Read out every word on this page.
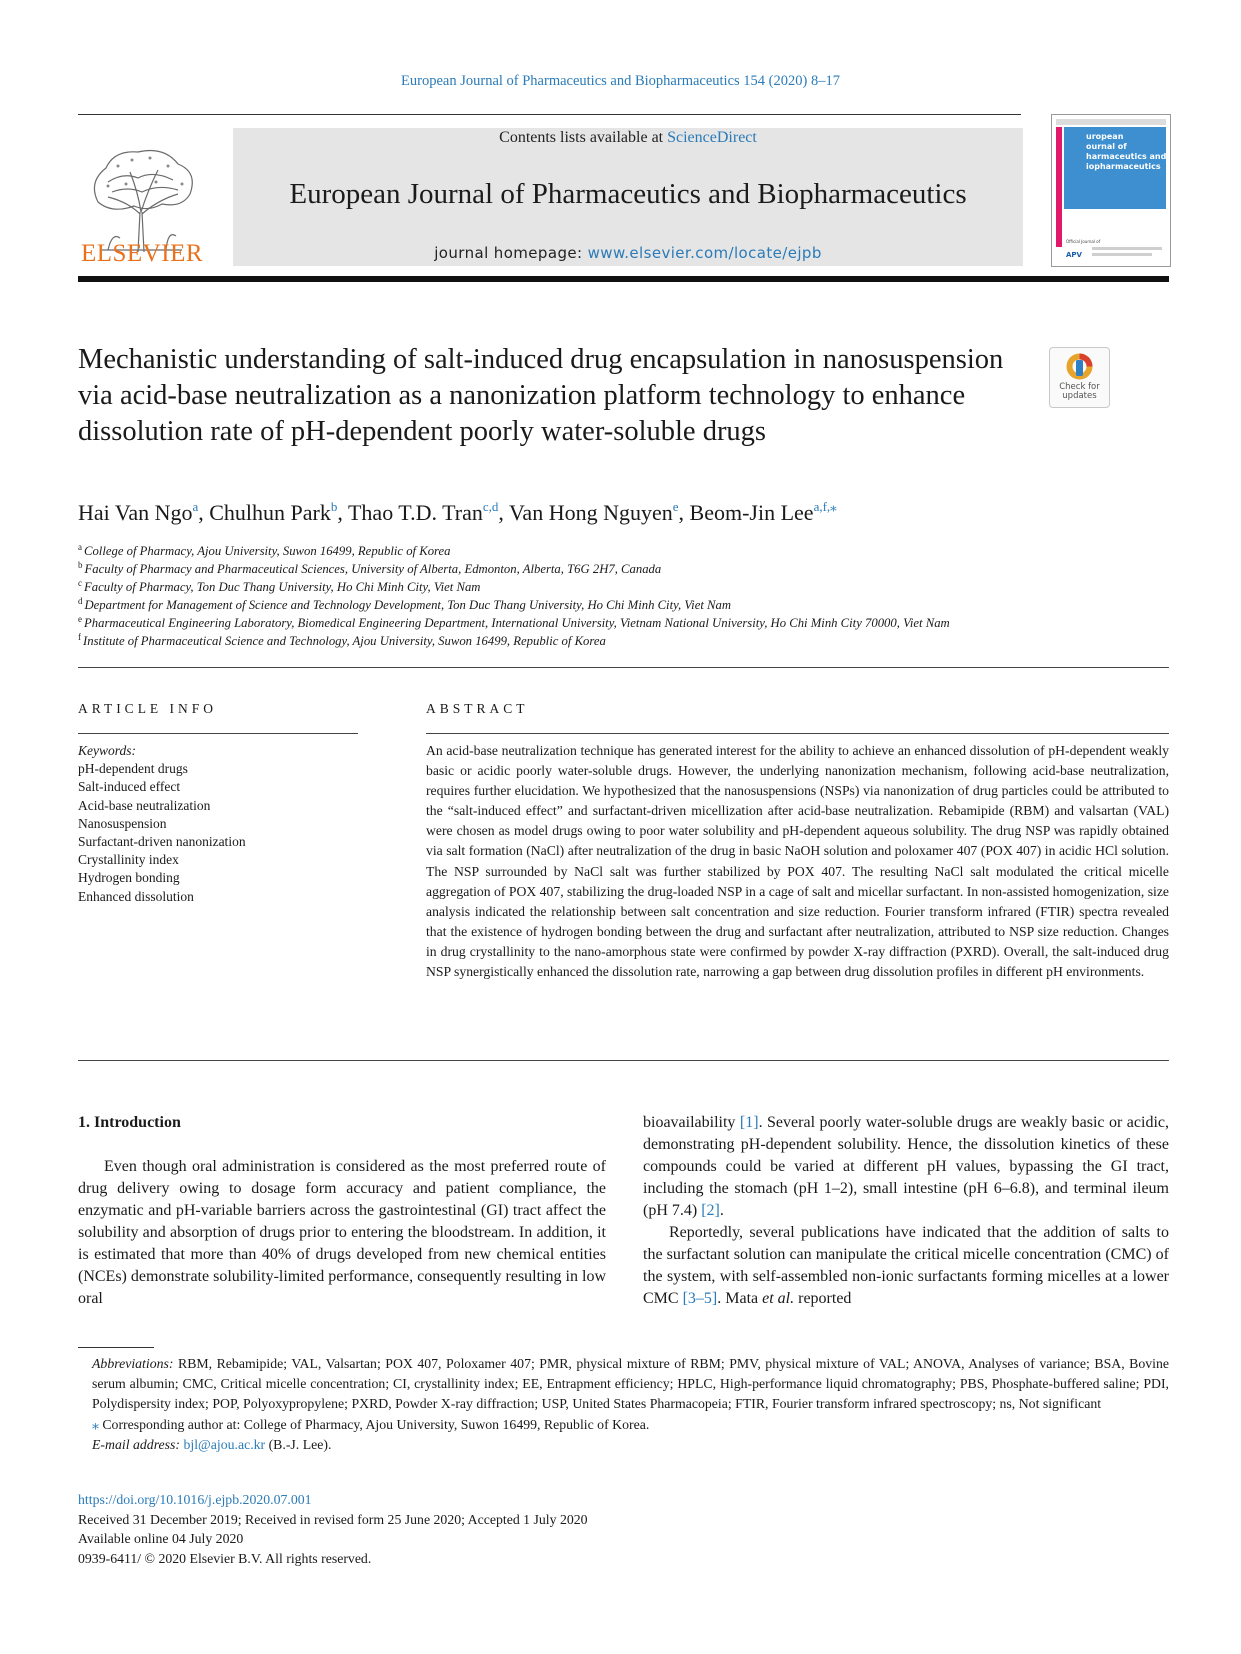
European Journal of Pharmaceutics and Biopharmaceutics 154 (2020) 8–17
ELSEVIER
Contents lists available at ScienceDirect
European Journal of Pharmaceutics and Biopharmaceutics
journal homepage: www.elsevier.com/locate/ejpb
uropean
ournal of
harmaceutics and
iopharmaceutics
Official Journal of
APV
Mechanistic understanding of salt-induced drug encapsulation in nanosuspension via acid-base neutralization as a nanonization platform technology to enhance dissolution rate of pH-dependent poorly water-soluble drugs
Check for
updates
Hai Van Ngo$^a$, Chulhun Park$^b$, Thao T.D. Tran$^{c,d}$, Van Hong Nguyen$^e$, Beom-Jin Lee$^{a,f,⁎}$
$^a$ College of Pharmacy, Ajou University, Suwon 16499, Republic of Korea
$^b$ Faculty of Pharmacy and Pharmaceutical Sciences, University of Alberta, Edmonton, Alberta, T6G 2H7, Canada
$^c$ Faculty of Pharmacy, Ton Duc Thang University, Ho Chi Minh City, Viet Nam
$^d$ Department for Management of Science and Technology Development, Ton Duc Thang University, Ho Chi Minh City, Viet Nam
$^e$ Pharmaceutical Engineering Laboratory, Biomedical Engineering Department, International University, Vietnam National University, Ho Chi Minh City 70000, Viet Nam
$^f$ Institute of Pharmaceutical Science and Technology, Ajou University, Suwon 16499, Republic of Korea
ARTICLE INFO	ABSTRACT
Keywords:
pH-dependent drugs
Salt-induced effect
Acid-base neutralization
Nanosuspension
Surfactant-driven nanonization
Crystallinity index
Hydrogen bonding
Enhanced dissolution
An acid-base neutralization technique has generated interest for the ability to achieve an enhanced dissolution of pH-dependent weakly basic or acidic poorly water-soluble drugs. However, the underlying nanonization mechanism, following acid-base neutralization, requires further elucidation. We hypothesized that the nanosuspensions (NSPs) via nanonization of drug particles could be attributed to the “salt-induced effect” and surfactant-driven micellization after acid-base neutralization. Rebamipide (RBM) and valsartan (VAL) were chosen as model drugs owing to poor water solubility and pH-dependent aqueous solubility. The drug NSP was rapidly obtained via salt formation (NaCl) after neutralization of the drug in basic NaOH solution and poloxamer 407 (POX 407) in acidic HCl solution. The NSP surrounded by NaCl salt was further stabilized by POX 407. The resulting NaCl salt modulated the critical micelle aggregation of POX 407, stabilizing the drug-loaded NSP in a cage of salt and micellar surfactant. In non-assisted homogenization, size analysis indicated the relationship between salt concentration and size reduction. Fourier transform infrared (FTIR) spectra revealed that the existence of hydrogen bonding between the drug and surfactant after neutralization, attributed to NSP size reduction. Changes in drug crystallinity to the nano-amorphous state were confirmed by powder X-ray diffraction (PXRD). Overall, the salt-induced drug NSP synergistically enhanced the dissolution rate, narrowing a gap between drug dissolution profiles in different pH environments.
1. Introduction

Even though oral administration is considered as the most preferred route of drug delivery owing to dosage form accuracy and patient compliance, the enzymatic and pH-variable barriers across the gastrointestinal (GI) tract affect the solubility and absorption of drugs prior to entering the bloodstream. In addition, it is estimated that more than 40% of drugs developed from new chemical entities (NCEs) demonstrate solubility-limited performance, consequently resulting in low oral

bioavailability [1]. Several poorly water-soluble drugs are weakly basic or acidic, demonstrating pH-dependent solubility. Hence, the dissolution kinetics of these compounds could be varied at different pH values, bypassing the GI tract, including the stomach (pH 1–2), small intestine (pH 6–6.8), and terminal ileum (pH 7.4) [2].

Reportedly, several publications have indicated that the addition of salts to the surfactant solution can manipulate the critical micelle concentration (CMC) of the system, with self-assembled non-ionic surfactants forming micelles at a lower CMC [3–5]. Mata et al. reported

Abbreviations: RBM, Rebamipide; VAL, Valsartan; POX 407, Poloxamer 407; PMR, physical mixture of RBM; PMV, physical mixture of VAL; ANOVA, Analyses of variance; BSA, Bovine serum albumin; CMC, Critical micelle concentration; CI, crystallinity index; EE, Entrapment efficiency; HPLC, High-performance liquid chromatography; PBS, Phosphate-buffered saline; PDI, Polydispersity index; POP, Polyoxypropylene; PXRD, Powder X-ray diffraction; USP, United States Pharmacopeia; FTIR, Fourier transform infrared spectroscopy; ns, Not significant

⁎ Corresponding author at: College of Pharmacy, Ajou University, Suwon 16499, Republic of Korea.

E-mail address: bjl@ajou.ac.kr (B.-J. Lee).

https://doi.org/10.1016/j.ejpb.2020.07.001
Received 31 December 2019; Received in revised form 25 June 2020; Accepted 1 July 2020
Available online 04 July 2020
0939-6411/ © 2020 Elsevier B.V. All rights reserved.
